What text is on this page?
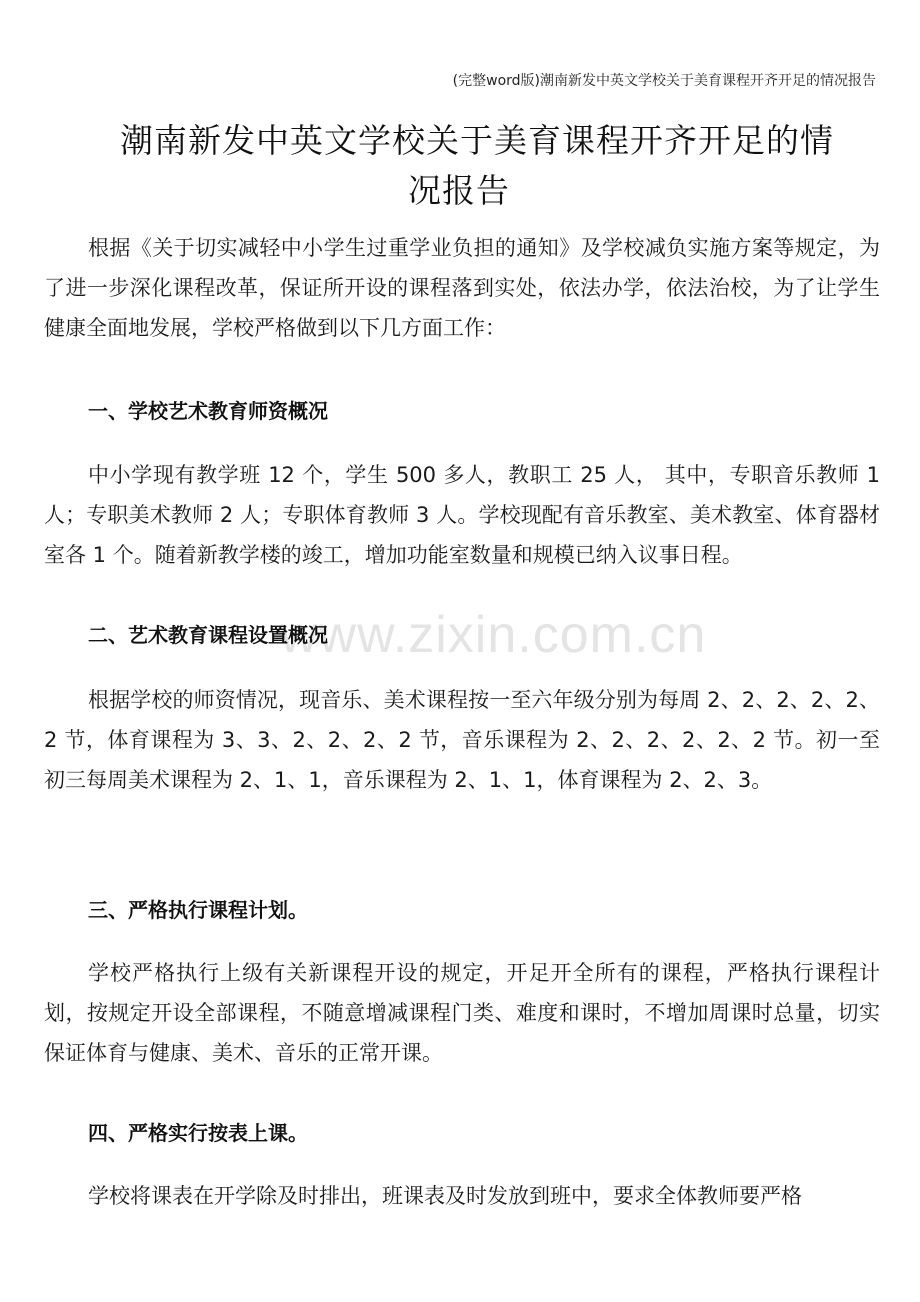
(完整word版)潮南新发中英文学校关于美育课程开齐开足的情况报告
潮南新发中英文学校关于美育课程开齐开足的情
况报告

根据《关于切实减轻中小学生过重学业负担的通知》及学校减负实施方案等规定，为了进一步深化课程改革，保证所开设的课程落到实处，依法办学，依法治校，为了让学生健康全面地发展，学校严格做到以下几方面工作：

一、学校艺术教育师资概况

中小学现有教学班 12 个，学生 500 多人，教职工 25 人， 其中，专职音乐教师 1 人；专职美术教师 2 人；专职体育教师 3 人。学校现配有音乐教室、美术教室、体育器材室各 1 个。随着新教学楼的竣工，增加功能室数量和规模已纳入议事日程。

www.zixin.com.cn

二、艺术教育课程设置概况

根据学校的师资情况，现音乐、美术课程按一至六年级分别为每周 2、2、2、2、2、2 节，体育课程为 3、3、2、2、2、2 节，音乐课程为 2、2、2、2、2、2 节。初一至初三每周美术课程为 2、1、1，音乐课程为 2、1、1，体育课程为 2、2、3。

三、严格执行课程计划。

学校严格执行上级有关新课程开设的规定，开足开全所有的课程，严格执行课程计划，按规定开设全部课程，不随意增减课程门类、难度和课时，不增加周课时总量，切实保证体育与健康、美术、音乐的正常开课。

四、严格实行按表上课。

学校将课表在开学除及时排出，班课表及时发放到班中，要求全体教师要严格
